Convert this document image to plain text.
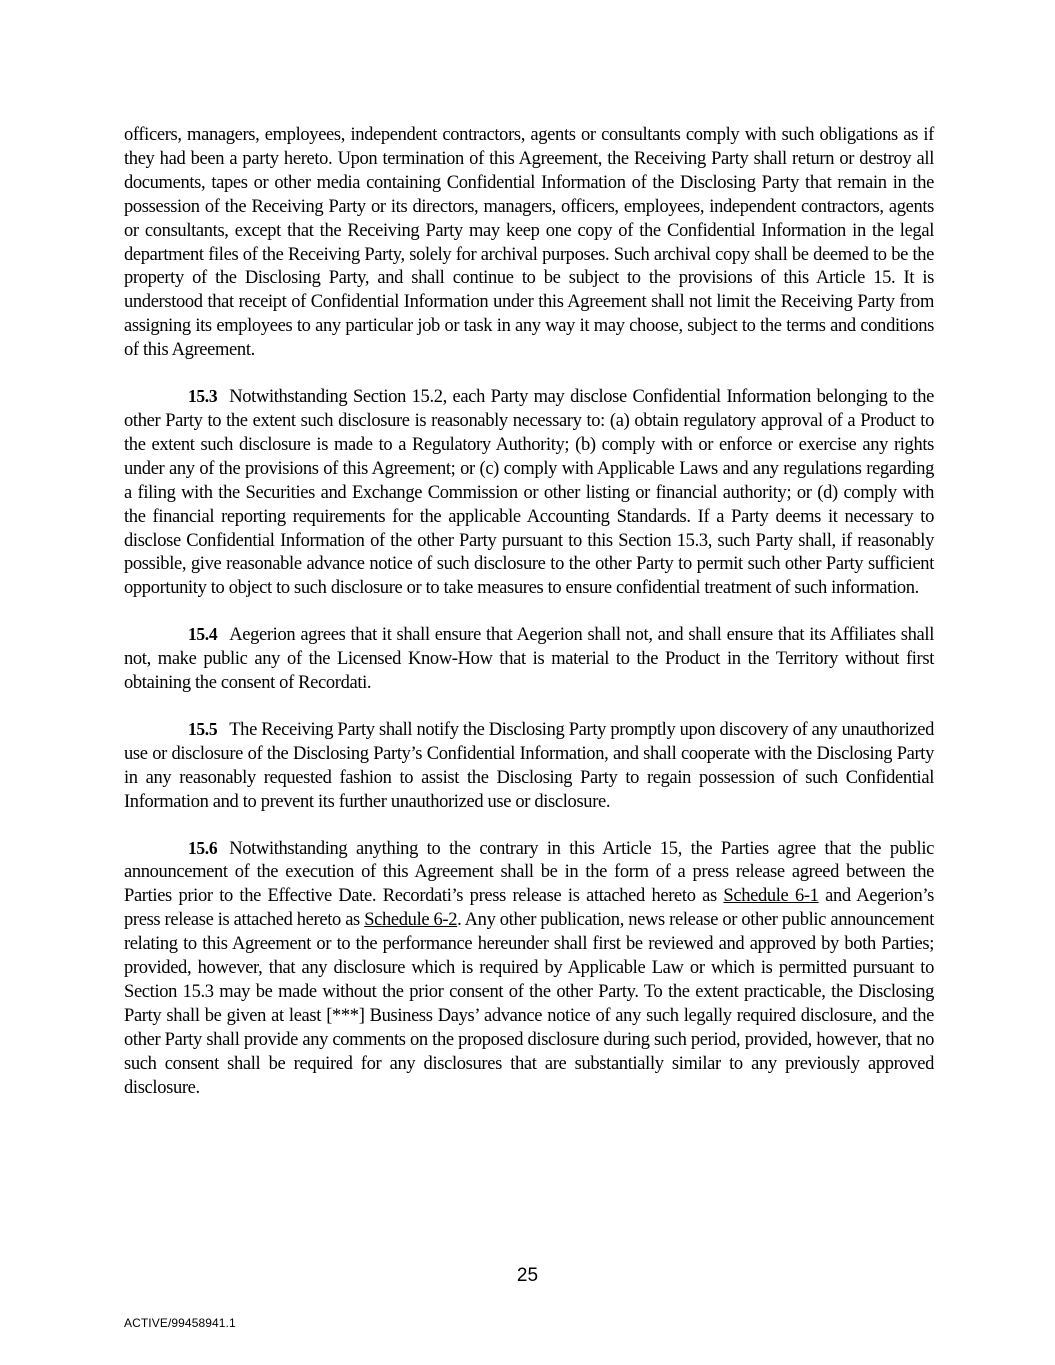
officers, managers, employees, independent contractors, agents or consultants comply with such obligations as if they had been a party hereto. Upon termination of this Agreement, the Receiving Party shall return or destroy all documents, tapes or other media containing Confidential Information of the Disclosing Party that remain in the possession of the Receiving Party or its directors, managers, officers, employees, independent contractors, agents or consultants, except that the Receiving Party may keep one copy of the Confidential Information in the legal department files of the Receiving Party, solely for archival purposes. Such archival copy shall be deemed to be the property of the Disclosing Party, and shall continue to be subject to the provisions of this Article 15. It is understood that receipt of Confidential Information under this Agreement shall not limit the Receiving Party from assigning its employees to any particular job or task in any way it may choose, subject to the terms and conditions of this Agreement.

15.3 Notwithstanding Section 15.2, each Party may disclose Confidential Information belonging to the other Party to the extent such disclosure is reasonably necessary to: (a) obtain regulatory approval of a Product to the extent such disclosure is made to a Regulatory Authority; (b) comply with or enforce or exercise any rights under any of the provisions of this Agreement; or (c) comply with Applicable Laws and any regulations regarding a filing with the Securities and Exchange Commission or other listing or financial authority; or (d) comply with the financial reporting requirements for the applicable Accounting Standards. If a Party deems it necessary to disclose Confidential Information of the other Party pursuant to this Section 15.3, such Party shall, if reasonably possible, give reasonable advance notice of such disclosure to the other Party to permit such other Party sufficient opportunity to object to such disclosure or to take measures to ensure confidential treatment of such information.

15.4 Aegerion agrees that it shall ensure that Aegerion shall not, and shall ensure that its Affiliates shall not, make public any of the Licensed Know-How that is material to the Product in the Territory without first obtaining the consent of Recordati.

15.5 The Receiving Party shall notify the Disclosing Party promptly upon discovery of any unauthorized use or disclosure of the Disclosing Party’s Confidential Information, and shall cooperate with the Disclosing Party in any reasonably requested fashion to assist the Disclosing Party to regain possession of such Confidential Information and to prevent its further unauthorized use or disclosure.

15.6 Notwithstanding anything to the contrary in this Article 15, the Parties agree that the public announcement of the execution of this Agreement shall be in the form of a press release agreed between the Parties prior to the Effective Date. Recordati’s press release is attached hereto as Schedule 6-1 and Aegerion’s press release is attached hereto as Schedule 6-2. Any other publication, news release or other public announcement relating to this Agreement or to the performance hereunder shall first be reviewed and approved by both Parties; provided, however, that any disclosure which is required by Applicable Law or which is permitted pursuant to Section 15.3 may be made without the prior consent of the other Party. To the extent practicable, the Disclosing Party shall be given at least [***] Business Days’ advance notice of any such legally required disclosure, and the other Party shall provide any comments on the proposed disclosure during such period, provided, however, that no such consent shall be required for any disclosures that are substantially similar to any previously approved disclosure.

25
ACTIVE/99458941.1
